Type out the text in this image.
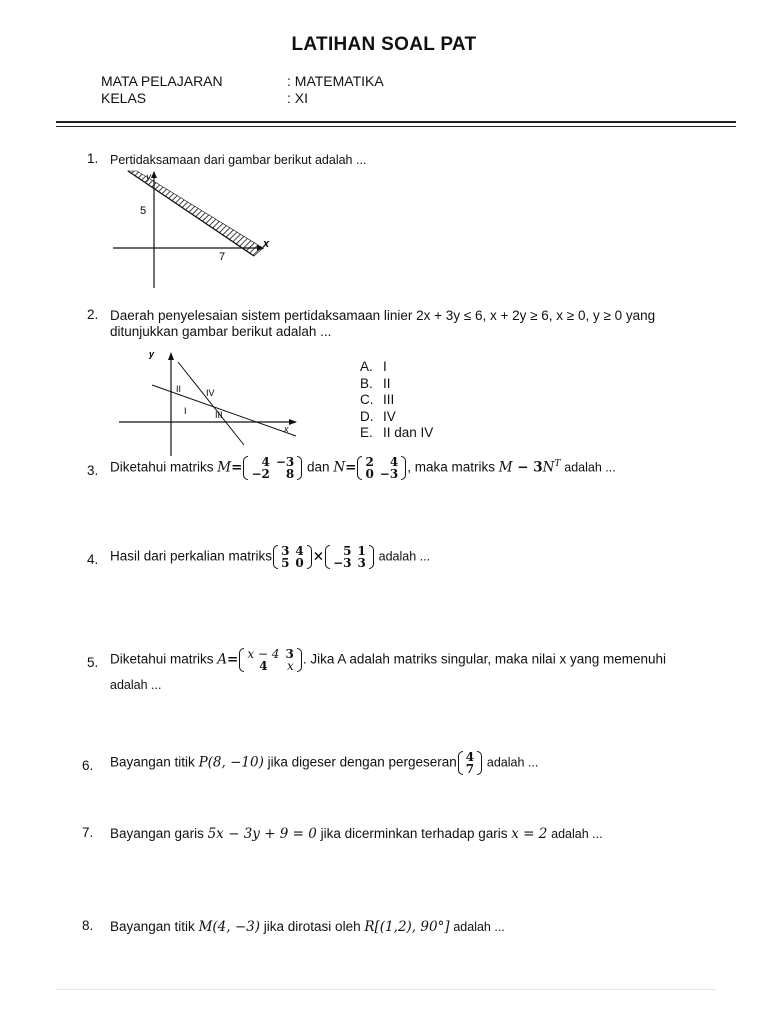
LATIHAN SOAL PAT
MATA PELAJARAN	: MATEMATIKA
KELAS	: XI
1. Pertidaksamaan dari gambar berikut adalah ...
y
x
5
7
2. Daerah penyelesaian sistem pertidaksamaan linier 2x + 3y ≤ 6, x + 2y ≥ 6, x ≥ 0, y ≥ 0 yang
ditunjukkan gambar berikut adalah ...
y
x
II	IV
I	III
A. I
B. II
C. III
D. IV
E. II dan IV
3. Diketahui matriks M= 4	−3
−2	8 dan N= 2	4
0	−3 , maka matriks $M - 3N^T$ adalah ...
4. Hasil dari perkalian matriks 3	4
5	0 × 5	1
−3	3 adalah ...
5. Diketahui matriks A= x − 4	3
4	x . Jika A adalah matriks singular, maka nilai x yang memenuhi
adalah ...
6. Bayangan titik P(8, −10) jika digeser dengan pergeseran 4
7 adalah ...
7. Bayangan garis 5x − 3y + 9 = 0 jika dicerminkan terhadap garis x = 2 adalah ...
8. Bayangan titik M(4, −3) jika dirotasi oleh R[(1,2), 90°] adalah ...
